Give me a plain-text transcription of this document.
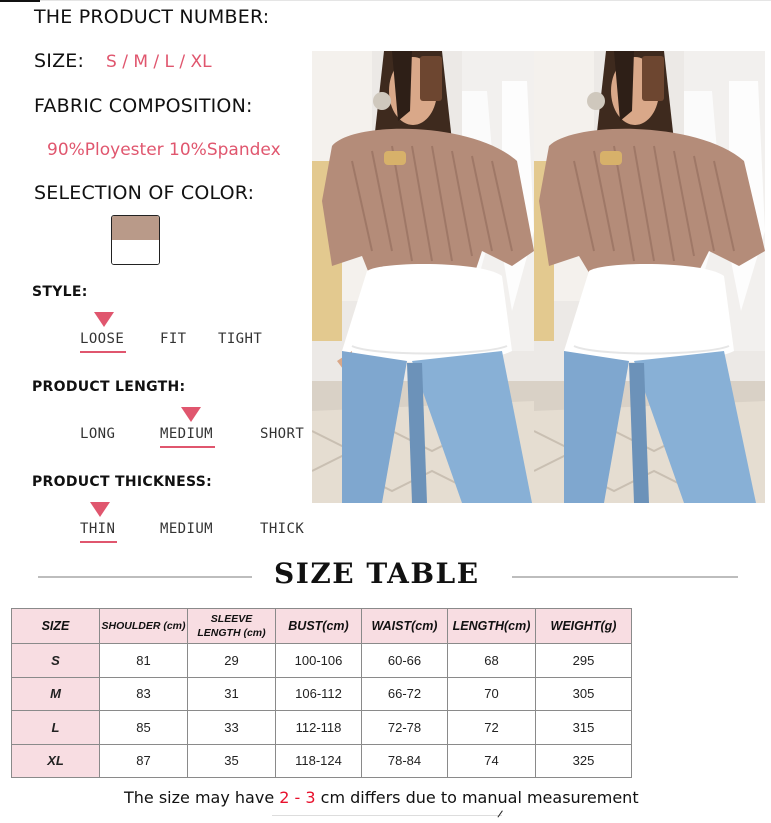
THE PRODUCT NUMBER:
SIZE: S / M / L / XL
FABRIC COMPOSITION:
90%Ployester 10%Spandex
SELECTION OF COLOR:
STYLE:
LOOSE	FIT TIGHT
PRODUCT LENGTH:
LONG	MEDIUM	SHORT
PRODUCT THICKNESS:
THIN	MEDIUM	THICK
SIZE TABLE
SIZE	SHOULDER (cm)	SLEEVE LENGTH (cm)	BUST(cm)	WAIST(cm)	LENGTH(cm)	WEIGHT(g)
S	81	29	100-106	60-66	68	295
M	83	31	106-112	66-72	70	305
L	85	33	112-118	72-78	72	315
XL	87	35	118-124	78-84	74	325
The size may have 2 - 3 cm differs due to manual measurement
